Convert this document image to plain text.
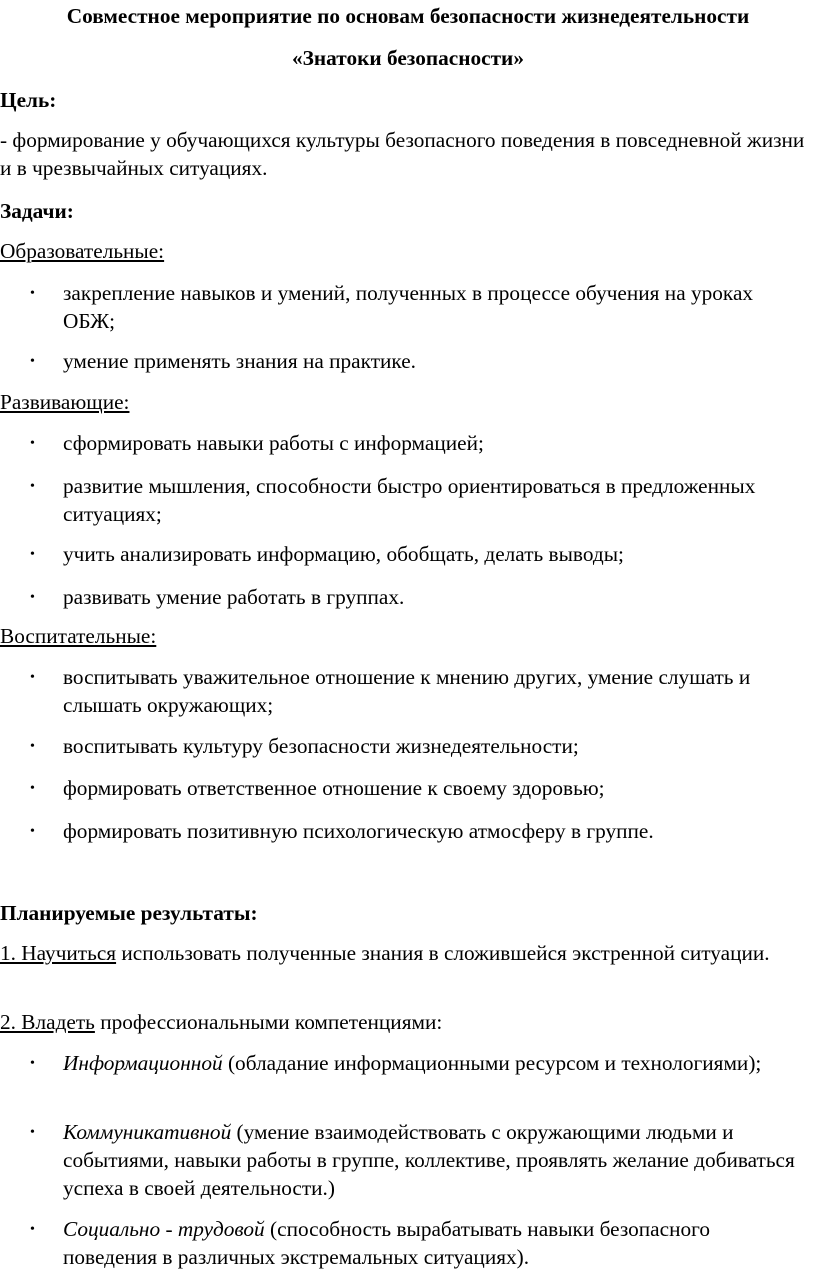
Совместное мероприятие по основам безопасности жизнедеятельности
«Знатоки безопасности»
Цель:
- формирование у обучающихся культуры безопасного поведения в повседневной жизни и в чрезвычайных ситуациях.
Задачи:
Образовательные:
• закрепление навыков и умений, полученных в процессе обучения на уроках ОБЖ;
• умение применять знания на практике.
Развивающие:
• сформировать навыки работы с информацией;
• развитие мышления, способности быстро ориентироваться в предложенных ситуациях;
• учить анализировать информацию, обобщать, делать выводы;
• развивать умение работать в группах.
Воспитательные:
• воспитывать уважительное отношение к мнению других, умение слушать и слышать окружающих;
• воспитывать культуру безопасности жизнедеятельности;
• формировать ответственное отношение к своему здоровью;
• формировать позитивную психологическую атмосферу в группе.
Планируемые результаты:
1. Научиться использовать полученные знания в сложившейся экстренной ситуации.
2. Владеть профессиональными компетенциями:
• Информационной (обладание информационными ресурсом и технологиями);
• Коммуникативной (умение взаимодействовать с окружающими людьми и событиями, навыки работы в группе, коллективе, проявлять желание добиваться успеха в своей деятельности.)
• Социально - трудовой (способность вырабатывать навыки безопасного поведения в различных экстремальных ситуациях).
